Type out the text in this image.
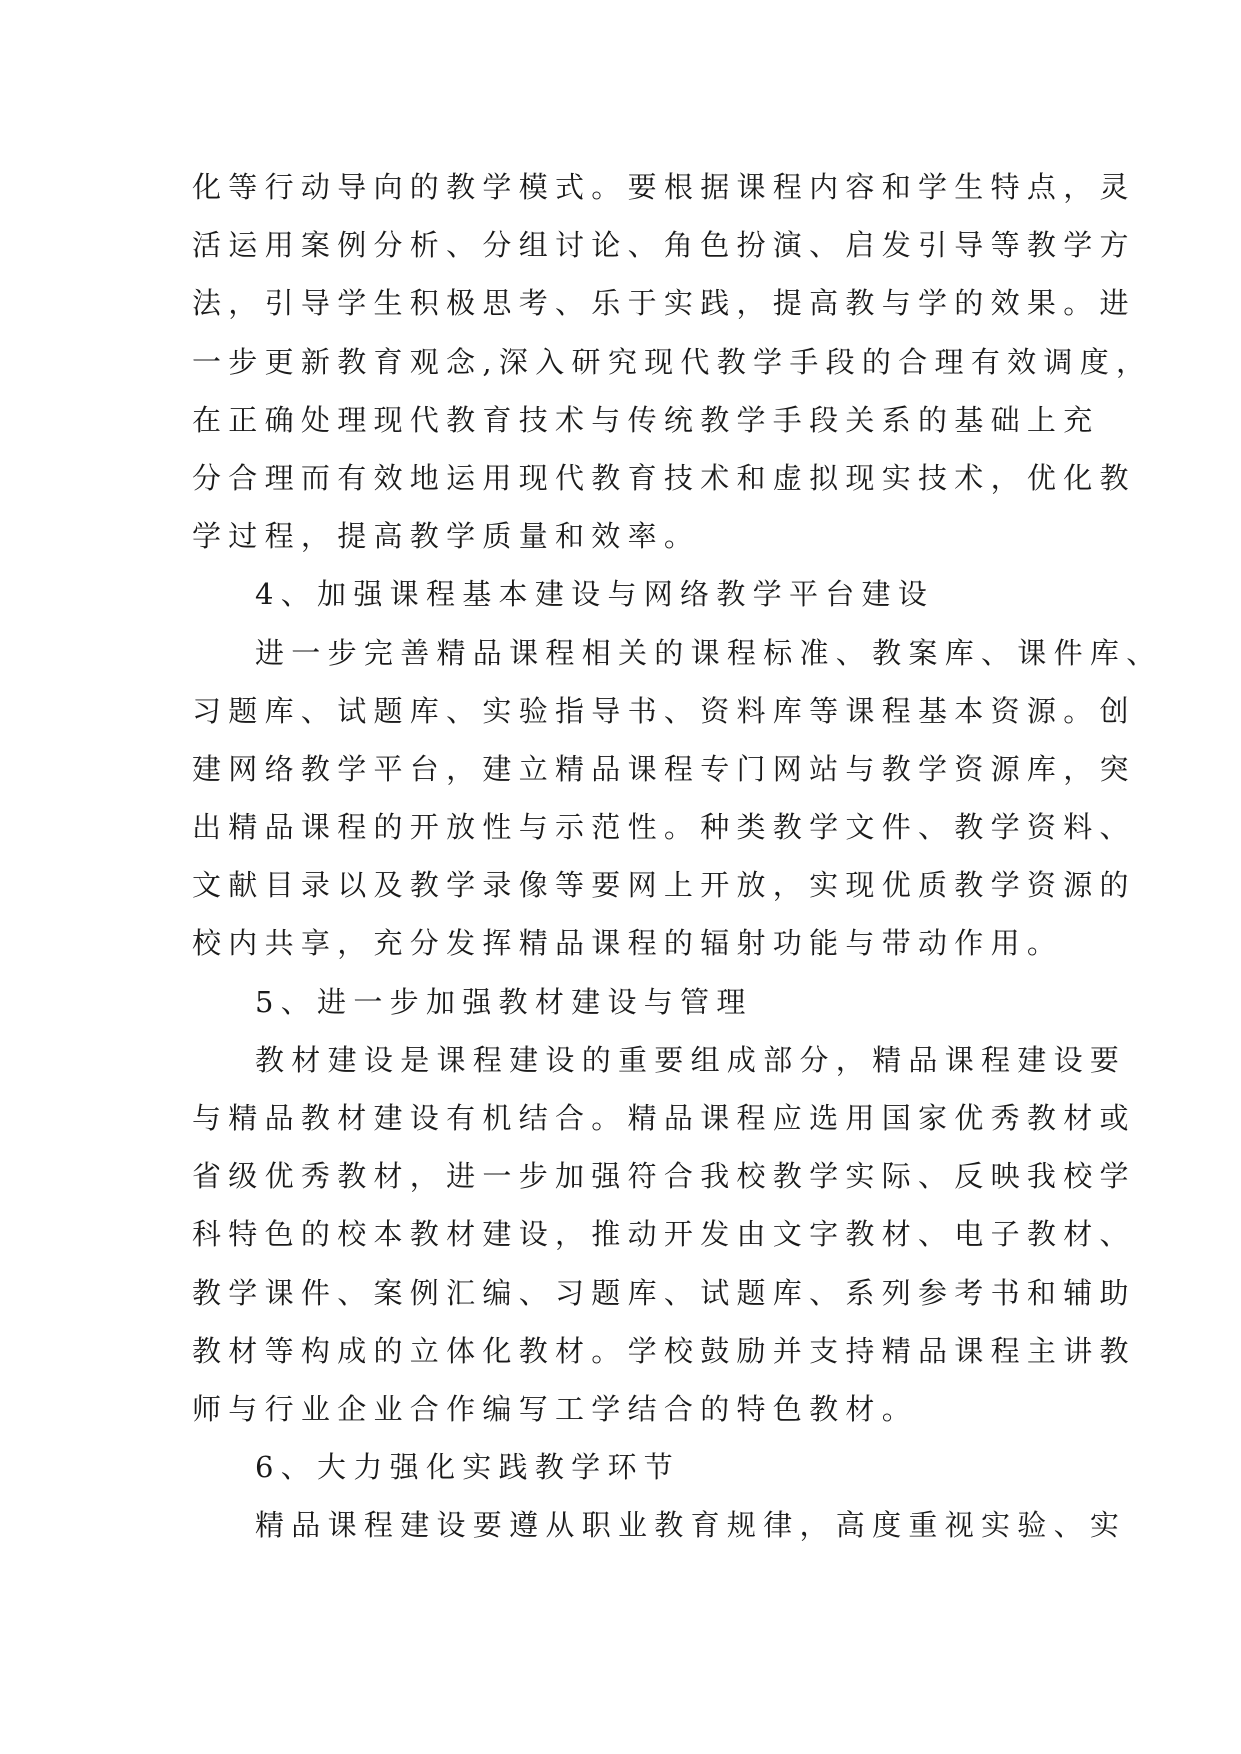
化等行动导向的教学模式。要根据课程内容和学生特点，灵
活运用案例分析、分组讨论、角色扮演、启发引导等教学方
法，引导学生积极思考、乐于实践，提高教与学的效果。进
一步更新教育观念,深入研究现代教学手段的合理有效调度，
在正确处理现代教育技术与传统教学手段关系的基础上充
分合理而有效地运用现代教育技术和虚拟现实技术，优化教
学过程，提高教学质量和效率。
4、加强课程基本建设与网络教学平台建设
进一步完善精品课程相关的课程标准、教案库、课件库、
习题库、试题库、实验指导书、资料库等课程基本资源。创
建网络教学平台，建立精品课程专门网站与教学资源库，突
出精品课程的开放性与示范性。种类教学文件、教学资料、
文献目录以及教学录像等要网上开放，实现优质教学资源的
校内共享，充分发挥精品课程的辐射功能与带动作用。
5、进一步加强教材建设与管理
教材建设是课程建设的重要组成部分，精品课程建设要
与精品教材建设有机结合。精品课程应选用国家优秀教材或
省级优秀教材，进一步加强符合我校教学实际、反映我校学
科特色的校本教材建设，推动开发由文字教材、电子教材、
教学课件、案例汇编、习题库、试题库、系列参考书和辅助
教材等构成的立体化教材。学校鼓励并支持精品课程主讲教
师与行业企业合作编写工学结合的特色教材。
6、大力强化实践教学环节
精品课程建设要遵从职业教育规律，高度重视实验、实
